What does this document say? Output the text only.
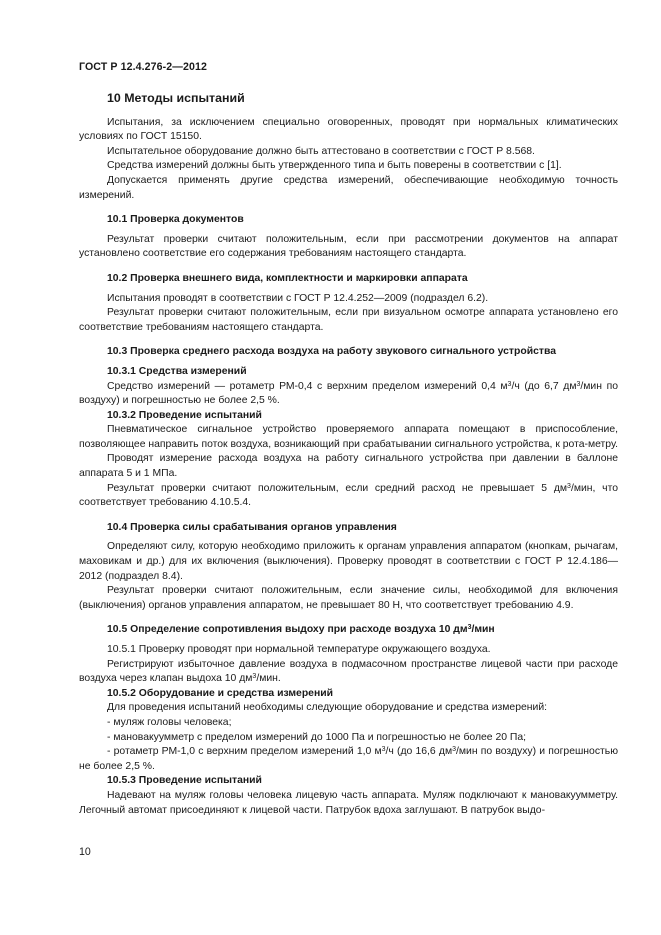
ГОСТ Р 12.4.276-2—2012
10 Методы испытаний

Испытания, за исключением специально оговоренных, проводят при нормальных климатических условиях по ГОСТ 15150.

Испытательное оборудование должно быть аттестовано в соответствии с ГОСТ Р 8.568.

Средства измерений должны быть утвержденного типа и быть поверены в соответствии с [1].

Допускается применять другие средства измерений, обеспечивающие необходимую точность измерений.

10.1 Проверка документов

Результат проверки считают положительным, если при рассмотрении документов на аппарат установлено соответствие его содержания требованиям настоящего стандарта.

10.2 Проверка внешнего вида, комплектности и маркировки аппарата

Испытания проводят в соответствии с ГОСТ Р 12.4.252—2009 (подраздел 6.2).

Результат проверки считают положительным, если при визуальном осмотре аппарата установлено его соответствие требованиям настоящего стандарта.

10.3 Проверка среднего расхода воздуха на работу звукового сигнального устройства
10.3.1 Средства измерений

Средство измерений — ротаметр РМ-0,4 с верхним пределом измерений 0,4 $м^3/ч$ (до 6,7 $дм^3$/мин по воздуху) и погрешностью не более 2,5 %.

10.3.2 Проведение испытаний

Пневматическое сигнальное устройство проверяемого аппарата помещают в приспособление, позволяющее направить поток воздуха, возникающий при срабатывании сигнального устройства, к рота-метру.

Проводят измерение расхода воздуха на работу сигнального устройства при давлении в баллоне аппарата 5 и 1 МПа.

Результат проверки считают положительным, если средний расход не превышает 5 $дм^3$/мин, что соответствует требованию 4.10.5.4.

10.4 Проверка силы срабатывания органов управления

Определяют силу, которую необходимо приложить к органам управления аппаратом (кнопкам, рычагам, маховикам и др.) для их включения (выключения). Проверку проводят в соответствии с ГОСТ Р 12.4.186—2012 (подраздел 8.4).

Результат проверки считают положительным, если значение силы, необходимой для включения (выключения) органов управления аппаратом, не превышает 80 Н, что соответствует требованию 4.9.

10.5 Определение сопротивления выдоху при расходе воздуха 10 $дм^3$/мин

10.5.1 Проверку проводят при нормальной температуре окружающего воздуха.

Регистрируют избыточное давление воздуха в подмасочном пространстве лицевой части при расходе воздуха через клапан выдоха 10 $дм^3$/мин.

10.5.2 Оборудование и средства измерений

Для проведения испытаний необходимы следующие оборудование и средства измерений:

- муляж головы человека;

- мановакуумметр с пределом измерений до 1000 Па и погрешностью не более 20 Па;

- ротаметр РМ-1,0 с верхним пределом измерений 1,0 $м^3/ч$ (до 16,6 $дм^3$/мин по воздуху) и погрешностью не более 2,5 %.

10.5.3 Проведение испытаний

Надевают на муляж головы человека лицевую часть аппарата. Муляж подключают к мановакуумметру. Легочный автомат присоединяют к лицевой части. Патрубок вдоха заглушают. В патрубок выдо-

10
